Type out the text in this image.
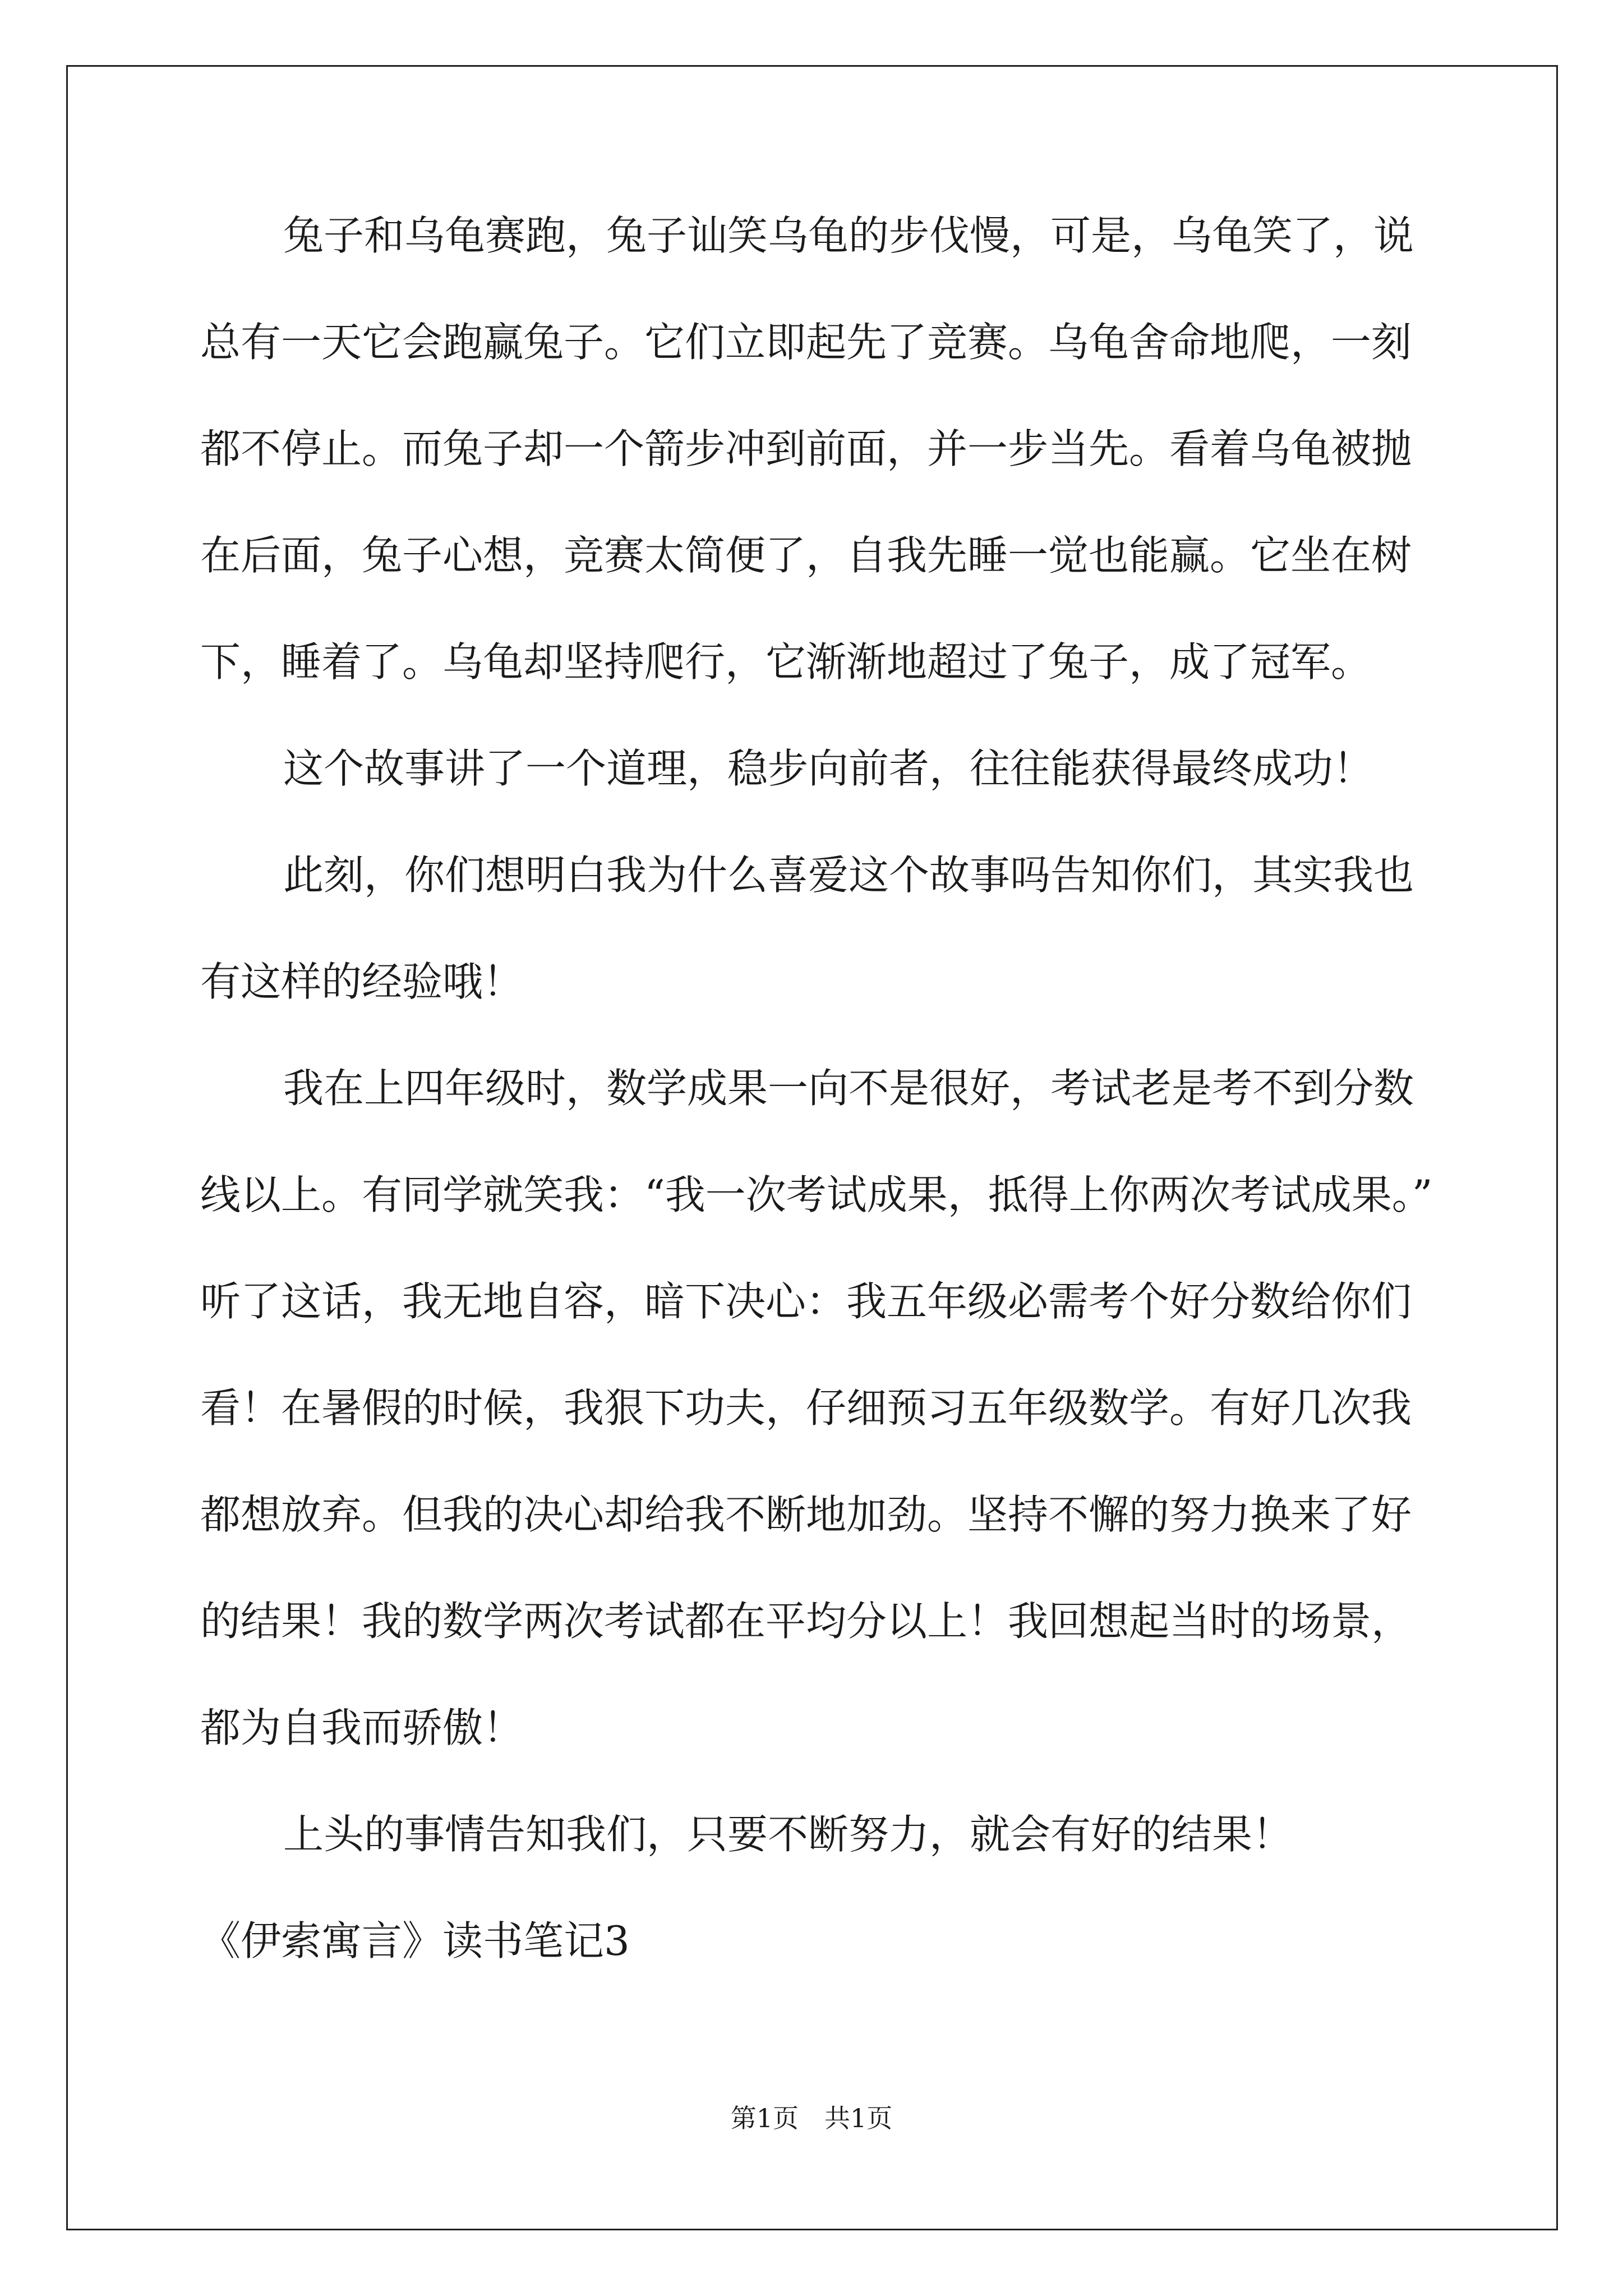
兔子和乌龟赛跑，兔子讪笑乌龟的步伐慢，可是，乌龟笑了，说
总有一天它会跑赢兔子。它们立即起先了竞赛。乌龟舍命地爬，一刻
都不停止。而兔子却一个箭步冲到前面，并一步当先。看着乌龟被抛
在后面，兔子心想，竞赛太简便了，自我先睡一觉也能赢。它坐在树
下，睡着了。乌龟却坚持爬行，它渐渐地超过了兔子，成了冠军。
这个故事讲了一个道理，稳步向前者，往往能获得最终成功！
此刻，你们想明白我为什么喜爱这个故事吗告知你们，其实我也
有这样的经验哦！
我在上四年级时，数学成果一向不是很好，考试老是考不到分数
线以上。有同学就笑我：“我一次考试成果，抵得上你两次考试成果。”
听了这话，我无地自容，暗下决心：我五年级必需考个好分数给你们
看！在暑假的时候，我狠下功夫，仔细预习五年级数学。有好几次我
都想放弃。但我的决心却给我不断地加劲。坚持不懈的努力换来了好
的结果！我的数学两次考试都在平均分以上！我回想起当时的场景，
都为自我而骄傲！
上头的事情告知我们，只要不断努力，就会有好的结果！
《伊索寓言》读书笔记3
第1页　共1页
